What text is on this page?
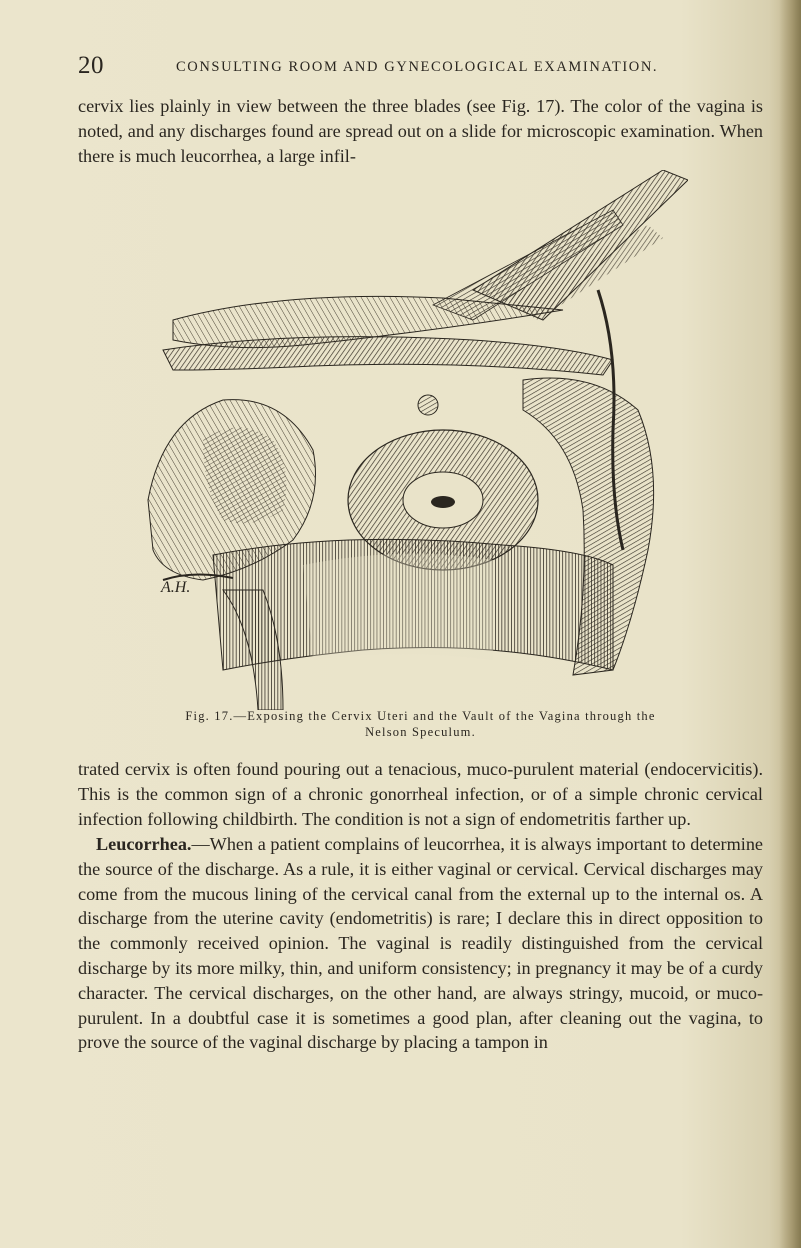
20	CONSULTING ROOM AND GYNECOLOGICAL EXAMINATION.
cervix lies plainly in view between the three blades (see Fig. 17). The color of the vagina is noted, and any discharges found are spread out on a slide for microscopic examination. When there is much leucorrhea, a large infil-
A.H.
Fig. 17.—Exposing the Cervix Uteri and the Vault of the Vagina through the
Nelson Speculum.
trated cervix is often found pouring out a tenacious, muco-purulent material (endocervicitis). This is the common sign of a chronic gonorrheal infection, or of a simple chronic cervical infection following childbirth. The condition is not a sign of endometritis farther up.
Leucorrhea.—When a patient complains of leucorrhea, it is always important to determine the source of the discharge. As a rule, it is either vaginal or cervical. Cervical discharges may come from the mucous lining of the cervical canal from the external up to the internal os. A discharge from the uterine cavity (endometritis) is rare; I declare this in direct opposition to the commonly received opinion. The vaginal is readily distinguished from the cervical discharge by its more milky, thin, and uniform consistency; in pregnancy it may be of a curdy character. The cervical discharges, on the other hand, are always stringy, mucoid, or muco-purulent. In a doubtful case it is sometimes a good plan, after cleaning out the vagina, to prove the source of the vaginal discharge by placing a tampon in
